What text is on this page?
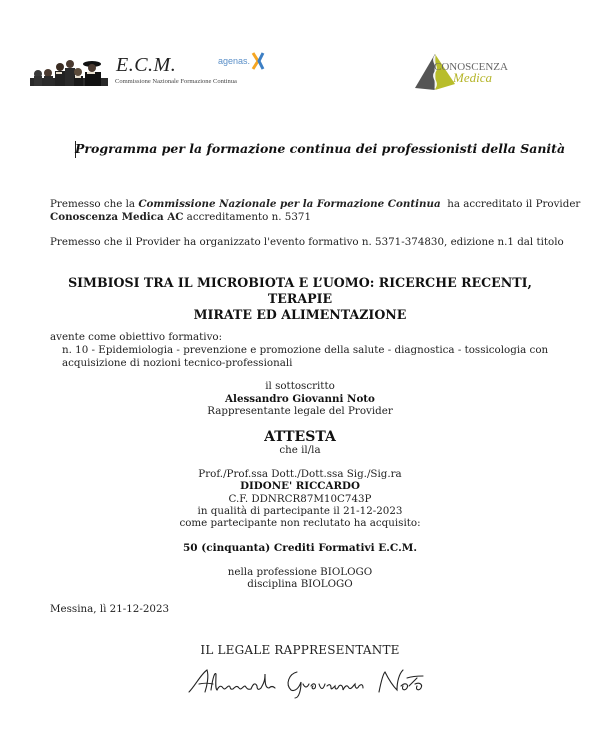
E.C.M.
Commissione Nazionale Formazione Continua
agenas.	CONOSCENZA
Medica
Programma per la formazione continua dei professionisti della Sanità
Premesso che la Commissione Nazionale per la Formazione Continua  ha accreditato il Provider
Conoscenza Medica AC accreditamento n. 5371
Premesso che il Provider ha organizzato l'evento formativo n. 5371-374830, edizione n.1 dal titolo
SIMBIOSI TRA IL MICROBIOTA E L’UOMO: RICERCHE RECENTI, TERAPIE
MIRATE ED ALIMENTAZIONE
avente come obiettivo formativo:
n. 10 - Epidemiologia - prevenzione e promozione della salute - diagnostica - tossicologia con
acquisizione di nozioni tecnico-professionali
il sottoscritto
Alessandro Giovanni Noto
Rappresentante legale del Provider
ATTESTA
che il/la
Prof./Prof.ssa Dott./Dott.ssa Sig./Sig.ra
DIDONE' RICCARDO
C.F. DDNRCR87M10C743P
in qualità di partecipante il 21-12-2023
come partecipante non reclutato ha acquisito:
50 (cinquanta) Crediti Formativi E.C.M.
nella professione BIOLOGO
disciplina BIOLOGO
Messina, lì 21-12-2023
IL LEGALE RAPPRESENTANTE
